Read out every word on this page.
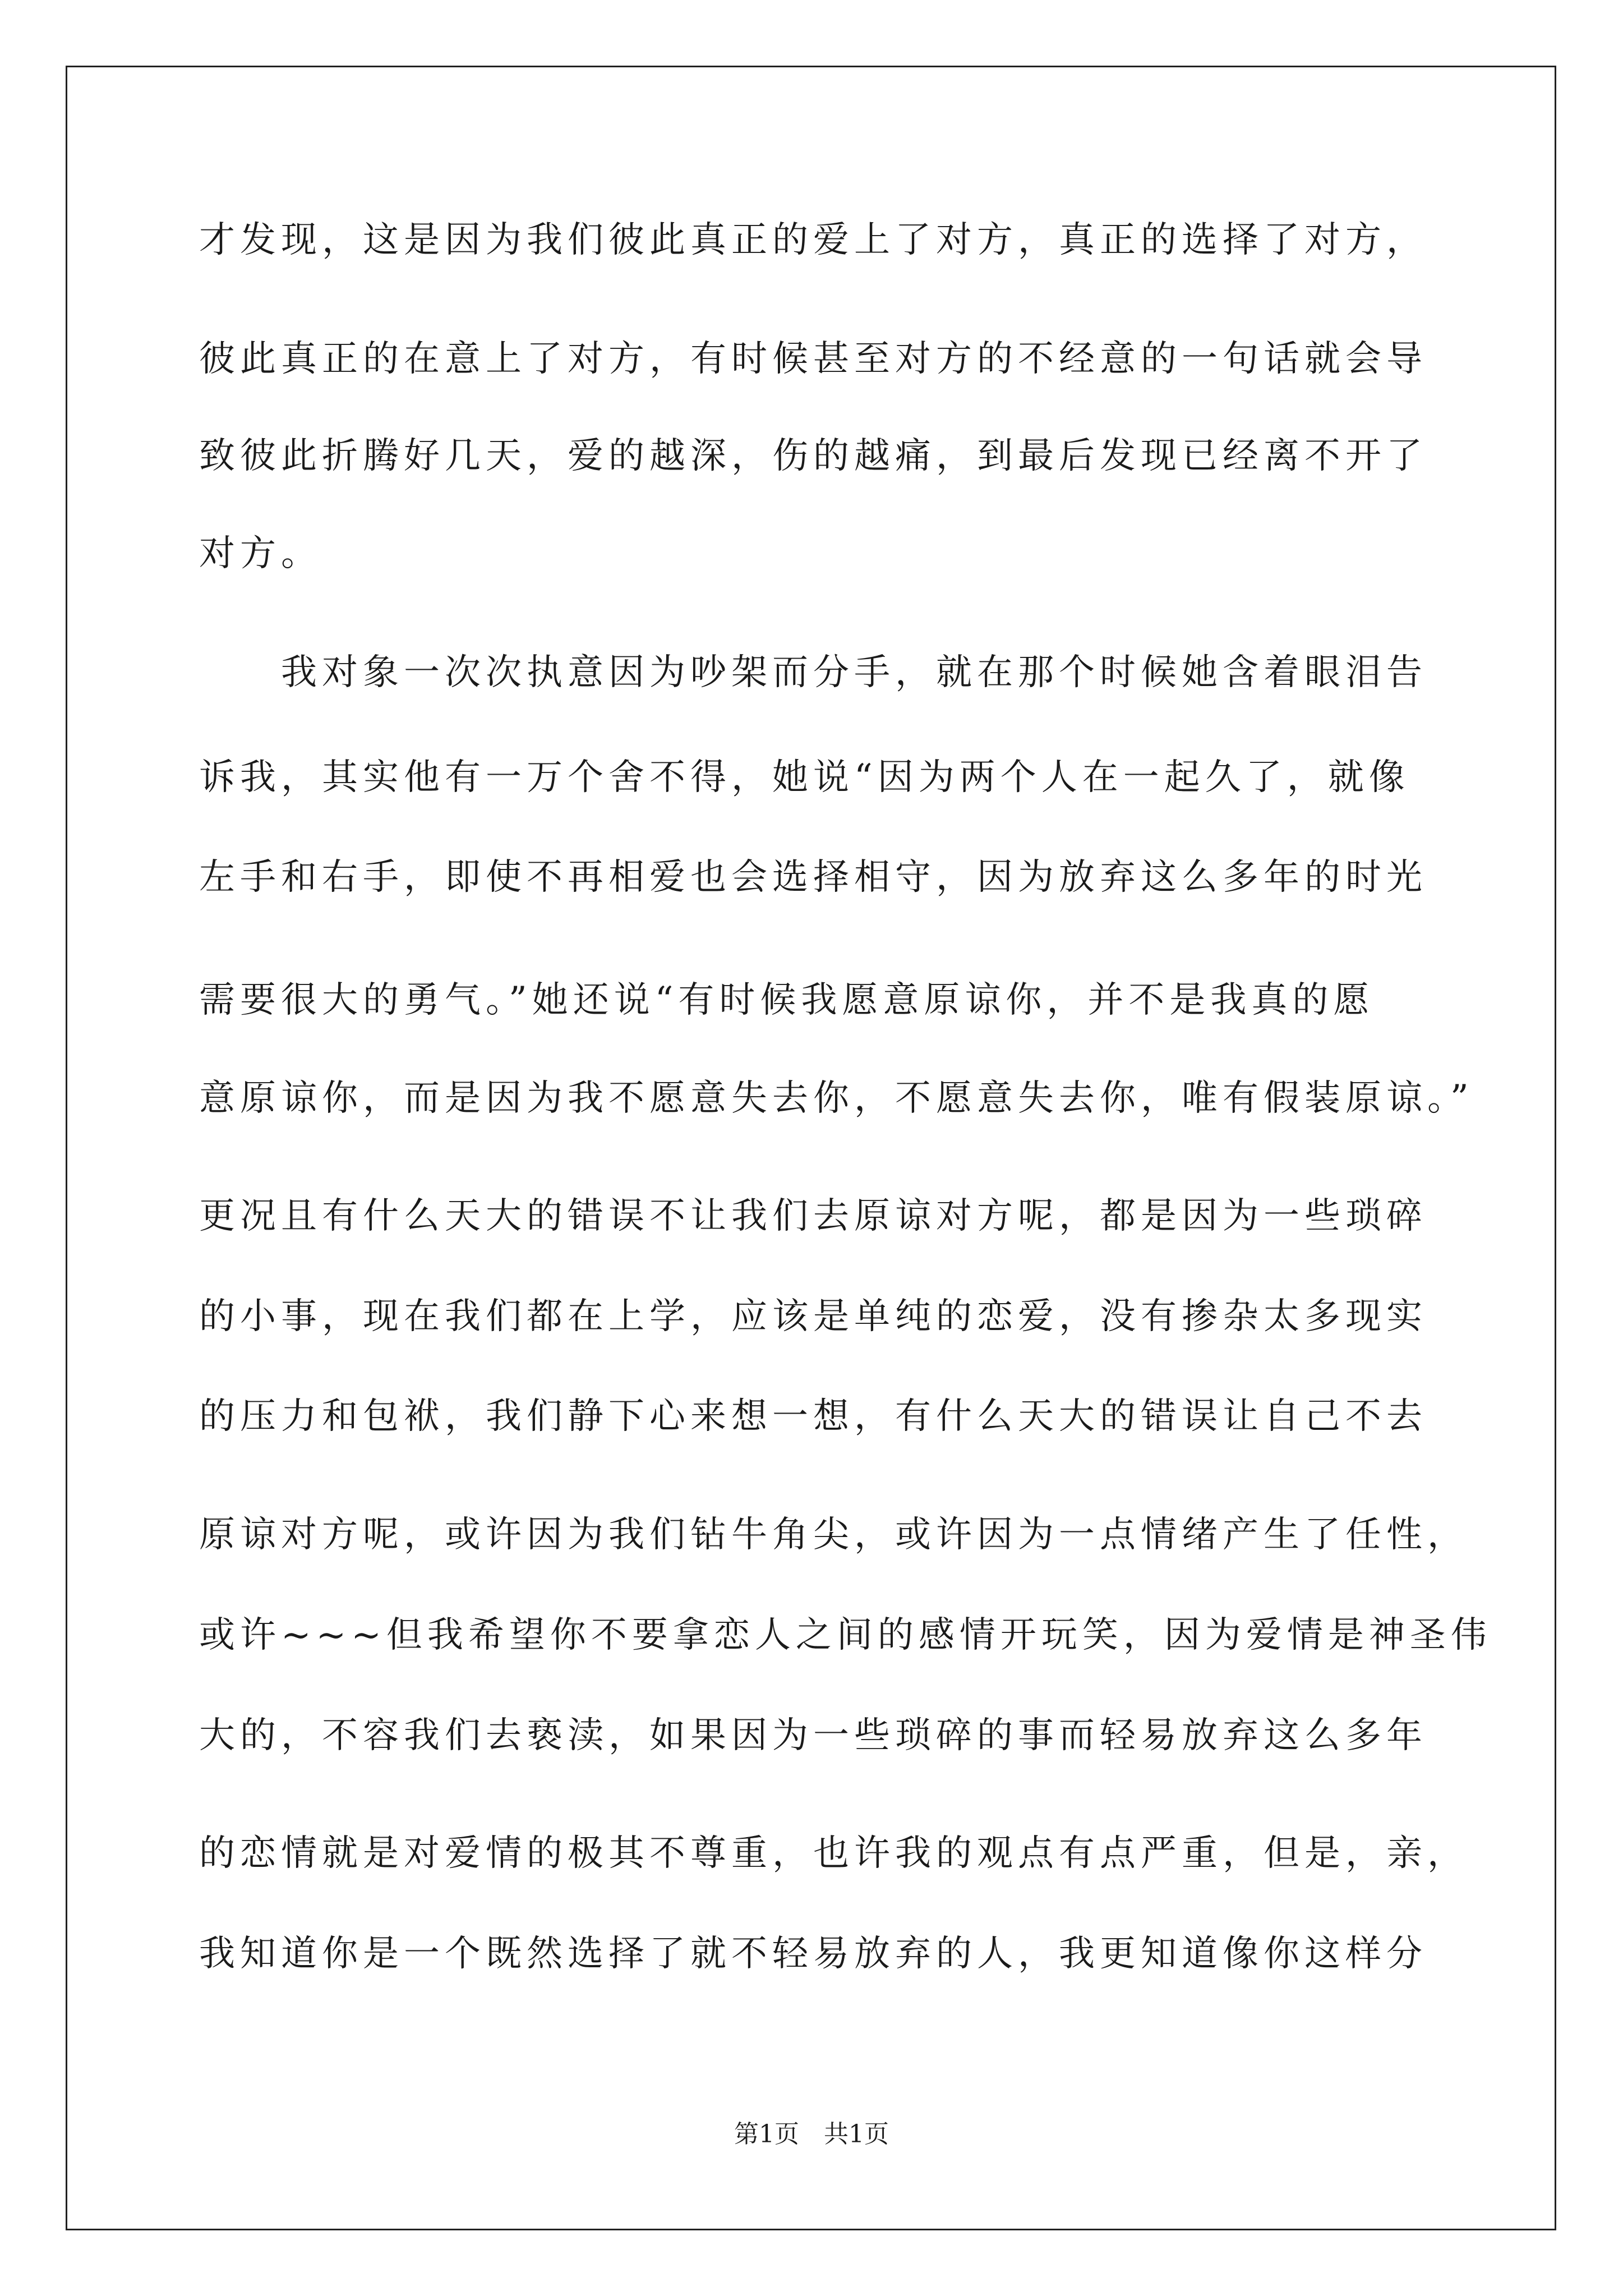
才发现，这是因为我们彼此真正的爱上了对方，真正的选择了对方，
彼此真正的在意上了对方，有时候甚至对方的不经意的一句话就会导
致彼此折腾好几天，爱的越深，伤的越痛，到最后发现已经离不开了
对方。
　　我对象一次次执意因为吵架而分手，就在那个时候她含着眼泪告
诉我，其实他有一万个舍不得，她说“因为两个人在一起久了，就像
左手和右手，即使不再相爱也会选择相守，因为放弃这么多年的时光
需要很大的勇气。”她还说“有时候我愿意原谅你，并不是我真的愿
意原谅你，而是因为我不愿意失去你，不愿意失去你，唯有假装原谅。”
更况且有什么天大的错误不让我们去原谅对方呢，都是因为一些琐碎
的小事，现在我们都在上学，应该是单纯的恋爱，没有掺杂太多现实
的压力和包袱，我们静下心来想一想，有什么天大的错误让自己不去
原谅对方呢，或许因为我们钻牛角尖，或许因为一点情绪产生了任性，
或许~~~但我希望你不要拿恋人之间的感情开玩笑，因为爱情是神圣伟
大的，不容我们去亵渎，如果因为一些琐碎的事而轻易放弃这么多年
的恋情就是对爱情的极其不尊重，也许我的观点有点严重，但是，亲，
我知道你是一个既然选择了就不轻易放弃的人，我更知道像你这样分
第1页　共1页
